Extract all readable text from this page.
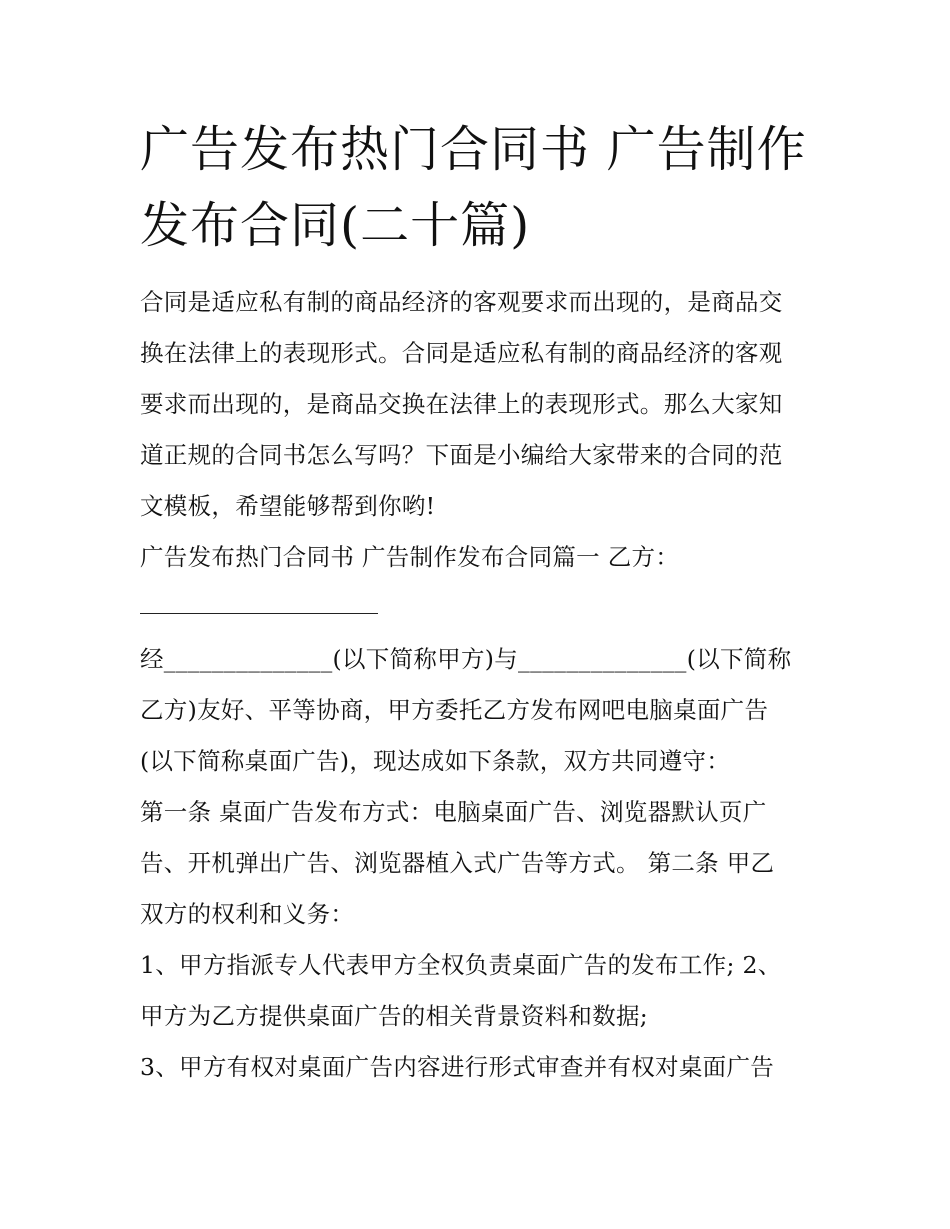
广告发布热门合同书 广告制作
发布合同(二十篇)
合同是适应私有制的商品经济的客观要求而出现的，是商品交
换在法律上的表现形式。合同是适应私有制的商品经济的客观
要求而出现的，是商品交换在法律上的表现形式。那么大家知
道正规的合同书怎么写吗？下面是小编给大家带来的合同的范
文模板，希望能够帮到你哟!
广告发布热门合同书 广告制作发布合同篇一 乙方：
经______________(以下简称甲方)与______________(以下简称
乙方)友好、平等协商，甲方委托乙方发布网吧电脑桌面广告
(以下简称桌面广告)，现达成如下条款，双方共同遵守：
第一条 桌面广告发布方式：电脑桌面广告、浏览器默认页广
告、开机弹出广告、浏览器植入式广告等方式。 第二条 甲乙
双方的权利和义务：
1、甲方指派专人代表甲方全权负责桌面广告的发布工作; 2、
甲方为乙方提供桌面广告的相关背景资料和数据;
3、甲方有权对桌面广告内容进行形式审查并有权对桌面广告
